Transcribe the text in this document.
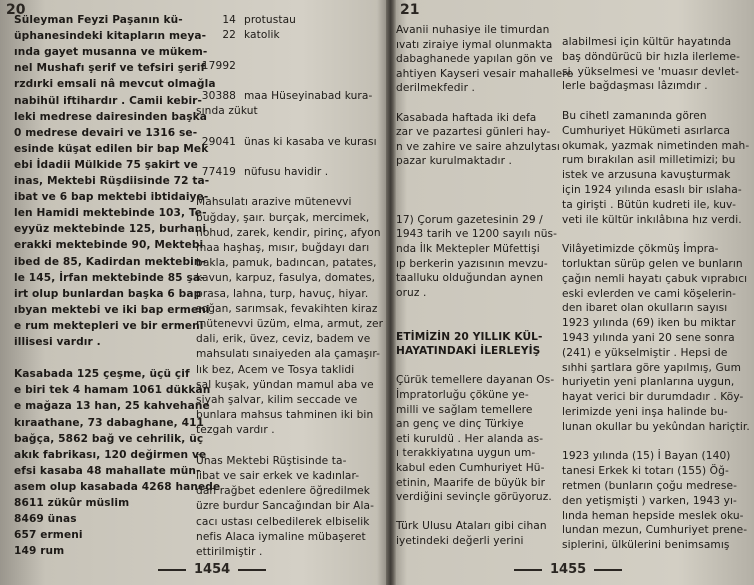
20
Süleyman Feyzi Paşanın kü-
üphanesindeki kitapların meya-
ında gayet musanna ve mükem-
nel Mushafı şerif ve tefsiri şerif
rzdırki emsali nâ mevcut olmağla
nabihül iftihardır . Camii kebir-
leki medrese dairesinden başka
0 medrese devairi ve 1316 se-
esinde küşat edilen bir bap Mek
ebi İdadii Mülkide 75 şakirt ve
inas, Mektebi Rüşdiisinde 72 ta-
ibat ve 6 bap mektebi ibtidaiye-
len Hamidi mektebinde 103, Te-
eyyüz mektebinde 125, burhani
erakki mektebinde 90, Mektebi
ibed de 85, Kadirdan mektebin-
le 145, İrfan mektebinde 85 şa-
irt olup bunlardan başka 6 bap
ıbyan mektebi ve iki bap ermeni
e rum mektepleri ve bir ermeni
illisesi vardır .
Kasabada 125 çeşme, üçü çif
e biri tek 4 hamam 1061 dükkân
e mağaza 13 han, 25 kahvehane
kıraathane, 73 dabaghane, 411
bağça, 5862 bağ ve cehrilik, üç
akık fabrikası, 120 değirmen ve
efsi kasaba 48 mahallate mün-
asem olup kasabada 4268 hanede
8611 zükûr müslim
8469 ünas
657 ermeni
149 rum
14 protustau
22 katolik
17992
30388 maa Hüseyinabad kura-
sında zükut
29041 ünas ki kasaba ve kurası
77419 nüfusu havidir .
Mahsulatı arazive mütenevvi
buğday, şaır. burçak, mercimek,
nohud, zarek, kendir, pirinç, afyon
maa haşhaş, mısır, buğdayı darı
bakla, pamuk, badıncan, patates,
kavun, karpuz, fasulya, domates,
prasa, lahna, turp, havuç, hiyar.
soğan, sarımsak, fevakihten kiraz
mütenevvi üzüm, elma, armut, zer
dali, erik, üvez, ceviz, badem ve
mahsulatı sınaiyeden ala çamaşır-
lık bez, Acem ve Tosya taklidi
şal kuşak, yündan mamul aba ve
siyah şalvar, kilim seccade ve
bunlara mahsus tahminen iki bin
tezgah vardır .
Ünas Mektebi Rüştisinde ta-
libat ve sair erkek ve kadınlar-
dan rağbet edenlere öğredilmek
üzre burdur Sancağından bir Ala-
cacı ustası celbedilerek elbiselik
nefis Alaca iymaline mübaşeret
ettirilmiştir .
1454
21
Avanii nuhasiye ile timurdan
ıvatı ziraiye iymal olunmakta
dabaghanede yapılan gön ve
ahtiyen Kayseri vesair mahallere
derilmekfedir .
Kasabada haftada iki defa
zar ve pazartesi günleri hay-
n ve zahire ve saire ahzulytası
pazar kurulmaktadır .
17) Çorum gazetesinin 29 /
1943 tarih ve 1200 sayılı nüs-
nda İlk Mektepler Müfettişi
ıp berkerin yazısının mevzu-
taalluku olduğundan aynen
oruz .
ETİMİZİN 20 YILLIK KÜL-
HAYATINDAKİ İLERLEYİŞ
Çürük temellere dayanan Os-
İmpratorluğu çöküne ye-
milli ve sağlam temellere
an genç ve dinç Türkiye
eti kuruldü . Her alanda as-
ı terakkiyatına uygun um-
kabul eden Cumhuriyet Hü-
etinin, Maarife de büyük bir
verdiğini sevinçle görüyoruz.
Türk Ulusu Ataları gibi cihan
iyetindeki değerli yerini
alabilmesi için kültür hayatında
baş döndürücü bir hızla ilerleme-
si, yükselmesi ve 'muasır devlet-
lerle bağdaşması lâzımdır .
Bu cihetl zamanında gören
Cumhuriyet Hükümeti asırlarca
okumak, yazmak nimetinden mah-
rum bırakılan asil milletimizi; bu
istek ve arzusuna kavuşturmak
için 1924 yılında esaslı bir ıslaha-
ta girişti . Bütün kudreti ile, kuv-
veti ile kültür inkılâbına hız verdi.
Vilâyetimizde çökmüş İmpra-
torluktan sürüp gelen ve bunların
çağın nemli hayatı çabuk vıprabıcı
eski evlerden ve cami köşelerin-
den ibaret olan okulların sayısı
1923 yılında (69) iken bu miktar
1943 yılında yani 20 sene sonra
(241) e yükselmiştir . Hepsi de
sıhhi şartlara göre yapılmış, Gum
huriyetin yeni planlarına uygun,
hayat verici bir durumdadır . Köy-
lerimizde yeni inşa halinde bu-
lunan okullar bu yekûndan hariçtir.
1923 yılında (15) İ Bayan (140)
tanesi Erkek ki totarı (155) Öğ-
retmen (bunların çoğu medrese-
den yetişmişti ) varken, 1943 yı-
lında heman hepside meslek oku-
lundan mezun, Cumhuriyet prene-
siplerini, ülkülerini benimsamış
1455
